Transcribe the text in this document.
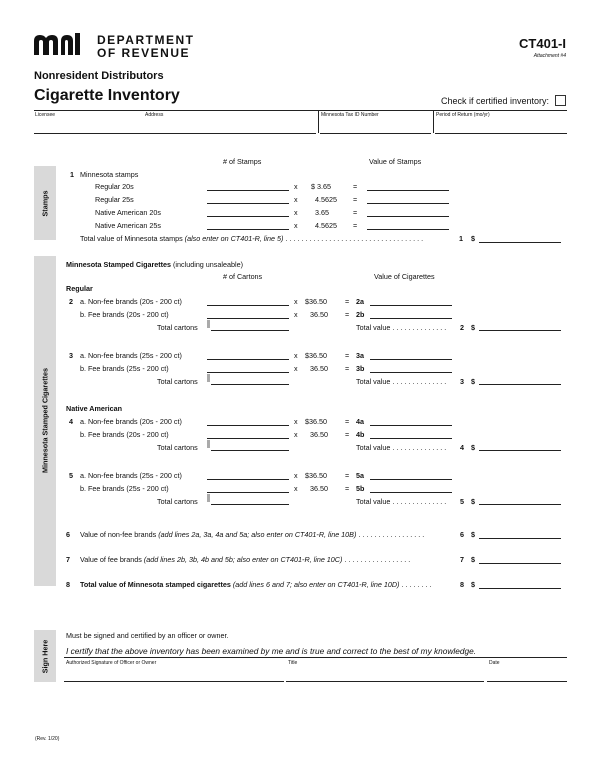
DEPARTMENT
OF REVENUE
CT401-I
Attachment #4
Nonresident Distributors
Cigarette Inventory	Check if certified inventory:
Licensee	Address	Minnesota Tax ID Number	Period of Return (mo/yr)
Stamps
# of Stamps	Value of Stamps
1 Minnesota stamps
Regular 20s	x $ 3.65	=
Regular 25s	x 4.5625 =
Native American 20s	x 3.65	=
Native American 25s	x 4.5625 =
Total value of Minnesota stamps (also enter on CT401-R, line 5) . . . . . . . . . . . . . . . . . . . . . . . . . . . . . . . . . . .	1 $
Minnesota Stamped Cigarettes
Minnesota Stamped Cigarettes (including unsaleable)
# of Cartons	Value of Cigarettes
Regular
2 a. Non-fee brands (20s - 200 ct)	x $36.50	= 2a
b. Fee brands (20s - 200 ct)	x 36.50 = 2b
Total cartons	Total value . . . . . . . . . . . . . . 2 $
3 a. Non-fee brands (25s - 200 ct)	x $36.50	= 3a
b. Fee brands (25s - 200 ct)	x 36.50 = 3b
Total cartons	Total value . . . . . . . . . . . . . . 3 $
Native American
4 a. Non-fee brands (20s - 200 ct)	x $36.50	= 4a
b. Fee brands (20s - 200 ct)	x 36.50 = 4b
Total cartons	Total value . . . . . . . . . . . . . . 4 $
5 a. Non-fee brands (25s - 200 ct)	x $36.50	= 5a
b. Fee brands (25s - 200 ct)	x 36.50 = 5b
Total cartons	Total value . . . . . . . . . . . . . . 5 $
6 Value of non-fee brands (add lines 2a, 3a, 4a and 5a; also enter on CT401-R, line 10B) . . . . . . . . . . . . . . . . .	6 $
7 Value of fee brands (add lines 2b, 3b, 4b and 5b; also enter on CT401-R, line 10C) . . . . . . . . . . . . . . . . .	7 $
8 Total value of Minnesota stamped cigarettes (add lines 6 and 7; also enter on CT401-R, line 10D) . . . . . . . .	8 $
Sign Here
Must be signed and certified by an officer or owner.
I certify that the above inventory has been examined by me and is true and correct to the best of my knowledge.
Authorized Signature of Officer or Owner	Title	Date
(Rev. 1/20)
